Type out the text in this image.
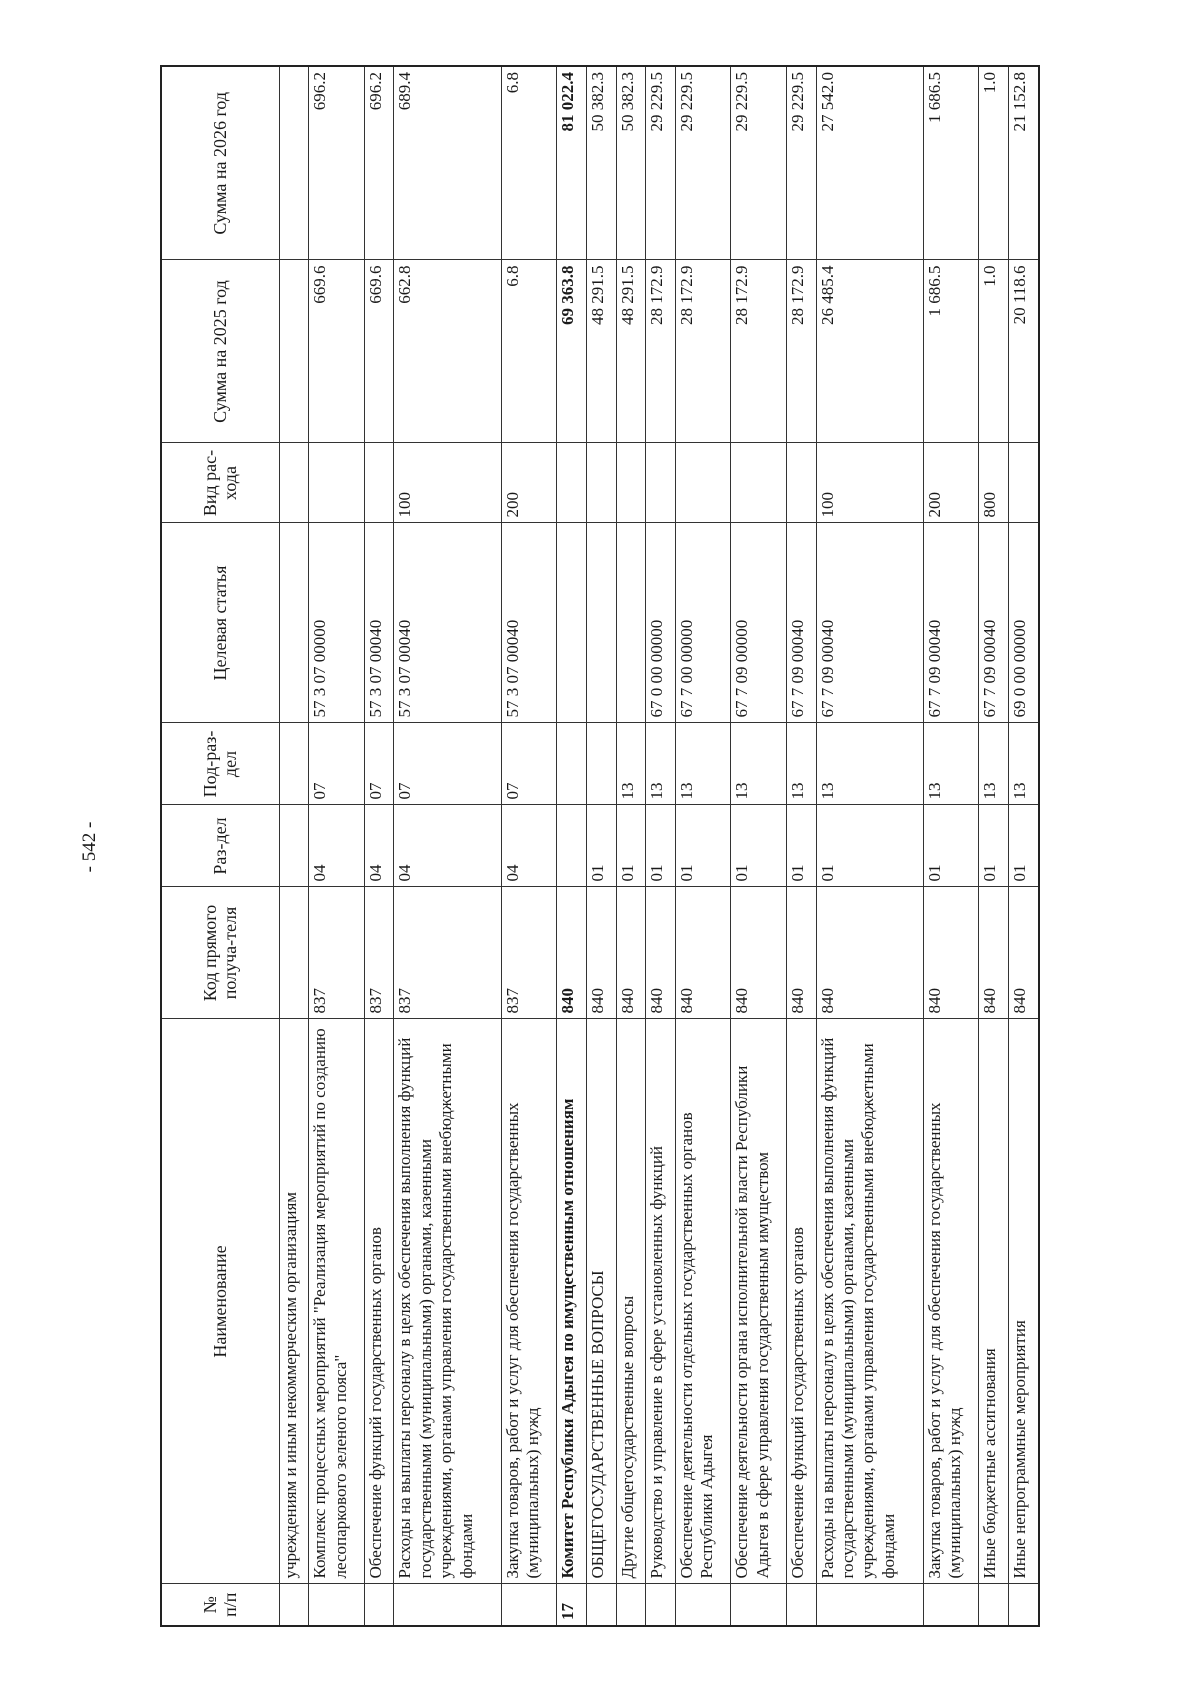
- 542 -
№ п/п	Наименование	Код прямого получа-теля	Раз-дел	Под-раз-дел	Целевая статья	Вид рас-хода	Сумма на 2025 год	Сумма на 2026 год
	учреждениям и иным некоммерческим организациям							
	Комплекс процессных мероприятий "Реализация мероприятий по созданию лесопаркового зеленого пояса"	837	04	07	57 3 07 00000		669.6	696.2
	Обеспечение функций государственных органов	837	04	07	57 3 07 00040		669.6	696.2
	Расходы на выплаты персоналу в целях обеспечения выполнения функций государственными (муниципальными) органами, казенными учреждениями, органами управления государственными внебюджетными фондами	837	04	07	57 3 07 00040	100	662.8	689.4
	Закупка товаров, работ и услуг для обеспечения государственных (муниципальных) нужд	837	04	07	57 3 07 00040	200	6.8	6.8
17	Комитет Республики Адыгея по имущественным отношениям	840					69 363.8	81 022.4
	ОБЩЕГОСУДАРСТВЕННЫЕ ВОПРОСЫ	840	01				48 291.5	50 382.3
	Другие общегосударственные вопросы	840	01	13			48 291.5	50 382.3
	Руководство и управление в сфере установленных функций	840	01	13	67 0 00 00000		28 172.9	29 229.5
	Обеспечение деятельности отдельных государственных органов Республики Адыгея	840	01	13	67 7 00 00000		28 172.9	29 229.5
	Обеспечение деятельности органа исполнительной власти Республики Адыгея в сфере управления государственным имуществом	840	01	13	67 7 09 00000		28 172.9	29 229.5
	Обеспечение функций государственных органов	840	01	13	67 7 09 00040		28 172.9	29 229.5
	Расходы на выплаты персоналу в целях обеспечения выполнения функций государственными (муниципальными) органами, казенными учреждениями, органами управления государственными внебюджетными фондами	840	01	13	67 7 09 00040	100	26 485.4	27 542.0
	Закупка товаров, работ и услуг для обеспечения государственных (муниципальных) нужд	840	01	13	67 7 09 00040	200	1 686.5	1 686.5
	Иные бюджетные ассигнования	840	01	13	67 7 09 00040	800	1.0	1.0
	Иные непрограммные мероприятия	840	01	13	69 0 00 00000		20 118.6	21 152.8
